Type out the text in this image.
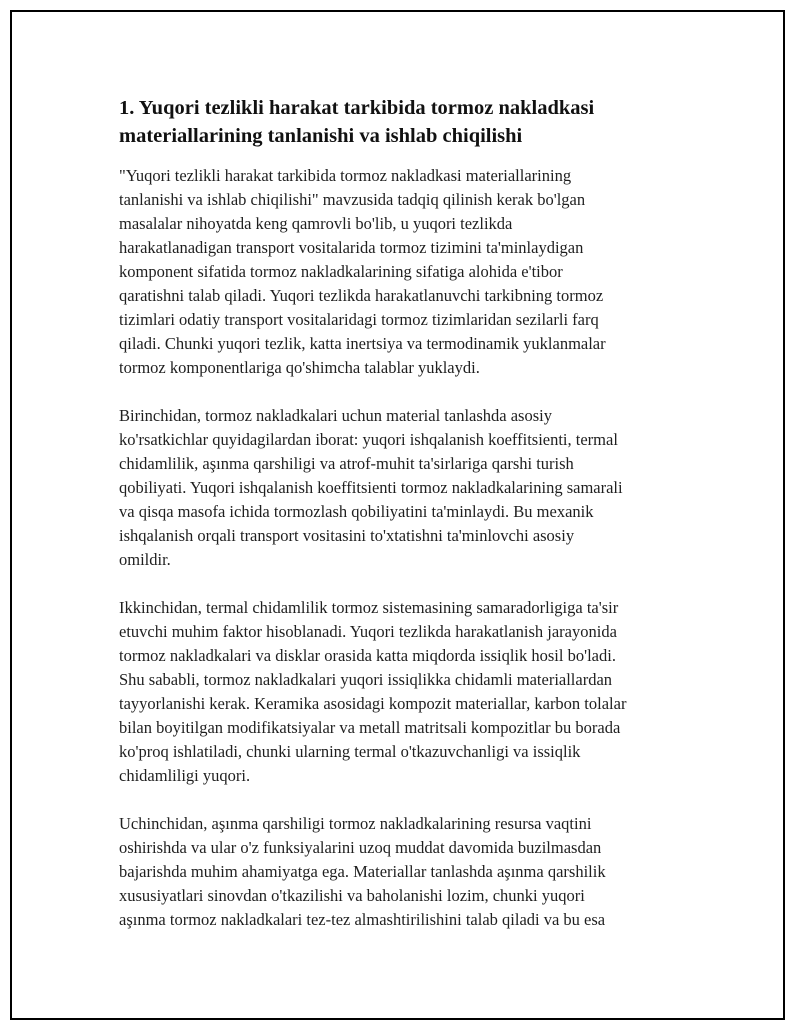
1. Yuqori tezlikli harakat tarkibida tormoz nakladkasi materiallarining tanlanishi va ishlab chiqilishi

"Yuqori tezlikli harakat tarkibida tormoz nakladkasi materiallarining
tanlanishi va ishlab chiqilishi" mavzusida tadqiq qilinish kerak bo'lgan
masalalar nihoyatda keng qamrovli bo'lib, u yuqori tezlikda
harakatlanadigan transport vositalarida tormoz tizimini ta'minlaydigan
komponent sifatida tormoz nakladkalarining sifatiga alohida e'tibor
qaratishni talab qiladi. Yuqori tezlikda harakatlanuvchi tarkibning tormoz
tizimlari odatiy transport vositalaridagi tormoz tizimlaridan sezilarli farq
qiladi. Chunki yuqori tezlik, katta inertsiya va termodinamik yuklanmalar
tormoz komponentlariga qo'shimcha talablar yuklaydi.

Birinchidan, tormoz nakladkalari uchun material tanlashda asosiy
ko'rsatkichlar quyidagilardan iborat: yuqori ishqalanish koeffitsienti, termal
chidamlilik, aşınma qarshiligi va atrof-muhit ta'sirlariga qarshi turish
qobiliyati. Yuqori ishqalanish koeffitsienti tormoz nakladkalarining samarali
va qisqa masofa ichida tormozlash qobiliyatini ta'minlaydi. Bu mexanik
ishqalanish orqali transport vositasini to'xtatishni ta'minlovchi asosiy
omildir.

Ikkinchidan, termal chidamlilik tormoz sistemasining samaradorligiga ta'sir
etuvchi muhim faktor hisoblanadi. Yuqori tezlikda harakatlanish jarayonida
tormoz nakladkalari va disklar orasida katta miqdorda issiqlik hosil bo'ladi.
Shu sababli, tormoz nakladkalari yuqori issiqlikka chidamli materiallardan
tayyorlanishi kerak. Keramika asosidagi kompozit materiallar, karbon tolalar
bilan boyitilgan modifikatsiyalar va metall matritsali kompozitlar bu borada
ko'proq ishlatiladi, chunki ularning termal o'tkazuvchanligi va issiqlik
chidamliligi yuqori.

Uchinchidan, aşınma qarshiligi tormoz nakladkalarining resursa vaqtini
oshirishda va ular o'z funksiyalarini uzoq muddat davomida buzilmasdan
bajarishda muhim ahamiyatga ega. Materiallar tanlashda aşınma qarshilik
xususiyatlari sinovdan o'tkazilishi va baholanishi lozim, chunki yuqori
aşınma tormoz nakladkalari tez-tez almashtirilishini talab qiladi va bu esa
